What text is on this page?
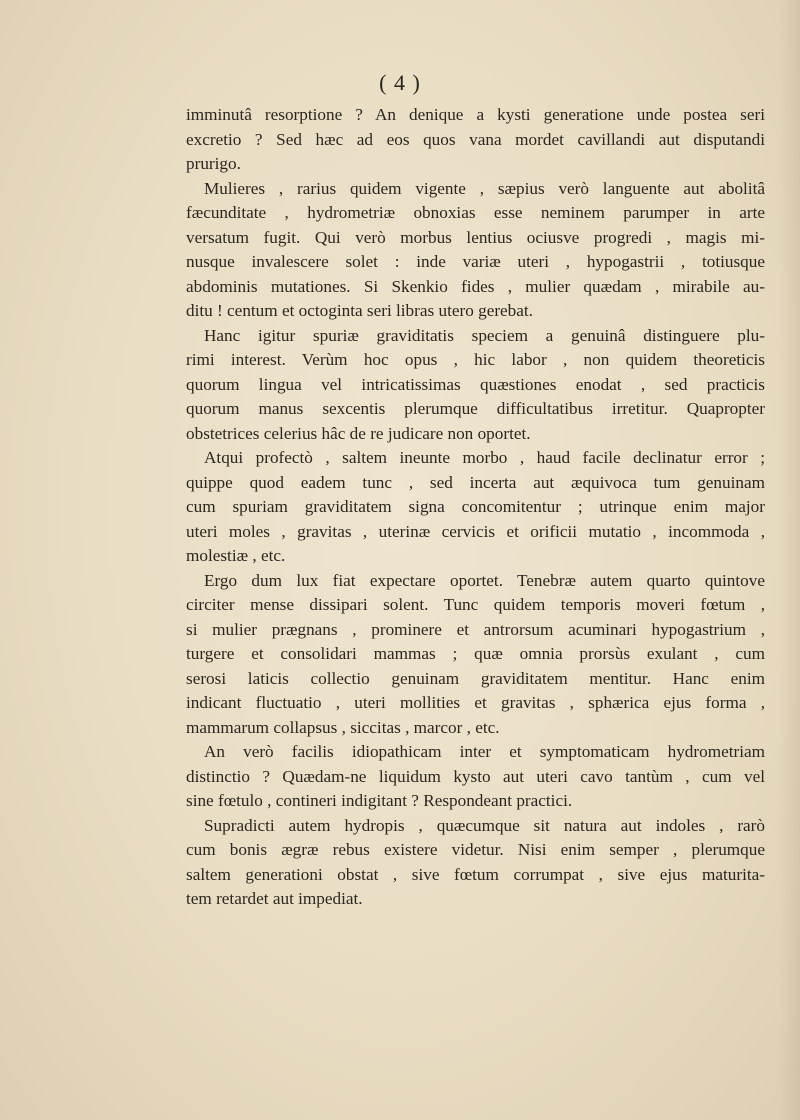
( 4 )
imminutâ resorptione ? An denique a kysti generatione unde postea seri
excretio ? Sed hæc ad eos quos vana mordet cavillandi aut disputandi
prurigo.
Mulieres , rarius quidem vigente , sæpius verò languente aut abolitâ
fæcunditate , hydrometriæ obnoxias esse neminem parumper in arte
versatum fugit. Qui verò morbus lentius ociusve progredi , magis mi-
nusque invalescere solet : inde variæ uteri , hypogastrii , totiusque
abdominis mutationes. Si Skenkio fides , mulier quædam , mirabile au-
ditu ! centum et octoginta seri libras utero gerebat.
Hanc igitur spuriæ graviditatis speciem a genuinâ distinguere plu-
rimi interest. Verùm hoc opus , hic labor , non quidem theoreticis
quorum lingua vel intricatissimas quæstiones enodat , sed practicis
quorum manus sexcentis plerumque difficultatibus irretitur. Quapropter
obstetrices celerius hâc de re judicare non oportet.
Atqui profectò , saltem ineunte morbo , haud facile declinatur error ;
quippe quod eadem tunc , sed incerta aut æquivoca tum genuinam
cum spuriam graviditatem signa concomitentur ; utrinque enim major
uteri moles , gravitas , uterinæ cervicis et orificii mutatio , incommoda ,
molestiæ , etc.
Ergo dum lux fiat expectare oportet. Tenebræ autem quarto quintove
circiter mense dissipari solent. Tunc quidem temporis moveri fœtum ,
si mulier prægnans , prominere et antrorsum acuminari hypogastrium ,
turgere et consolidari mammas ; quæ omnia prorsùs exulant , cum
serosi laticis collectio genuinam graviditatem mentitur. Hanc enim
indicant fluctuatio , uteri mollities et gravitas , sphærica ejus forma ,
mammarum collapsus , siccitas , marcor , etc.
An verò facilis idiopathicam inter et symptomaticam hydrometriam
distinctio ? Quædam-ne liquidum kysto aut uteri cavo tantùm , cum vel
sine fœtulo , contineri indigitant ? Respondeant practici.
Supradicti autem hydropis , quæcumque sit natura aut indoles , rarò
cum bonis ægræ rebus existere videtur. Nisi enim semper , plerumque
saltem generationi obstat , sive fœtum corrumpat , sive ejus maturita-
tem retardet aut impediat.
